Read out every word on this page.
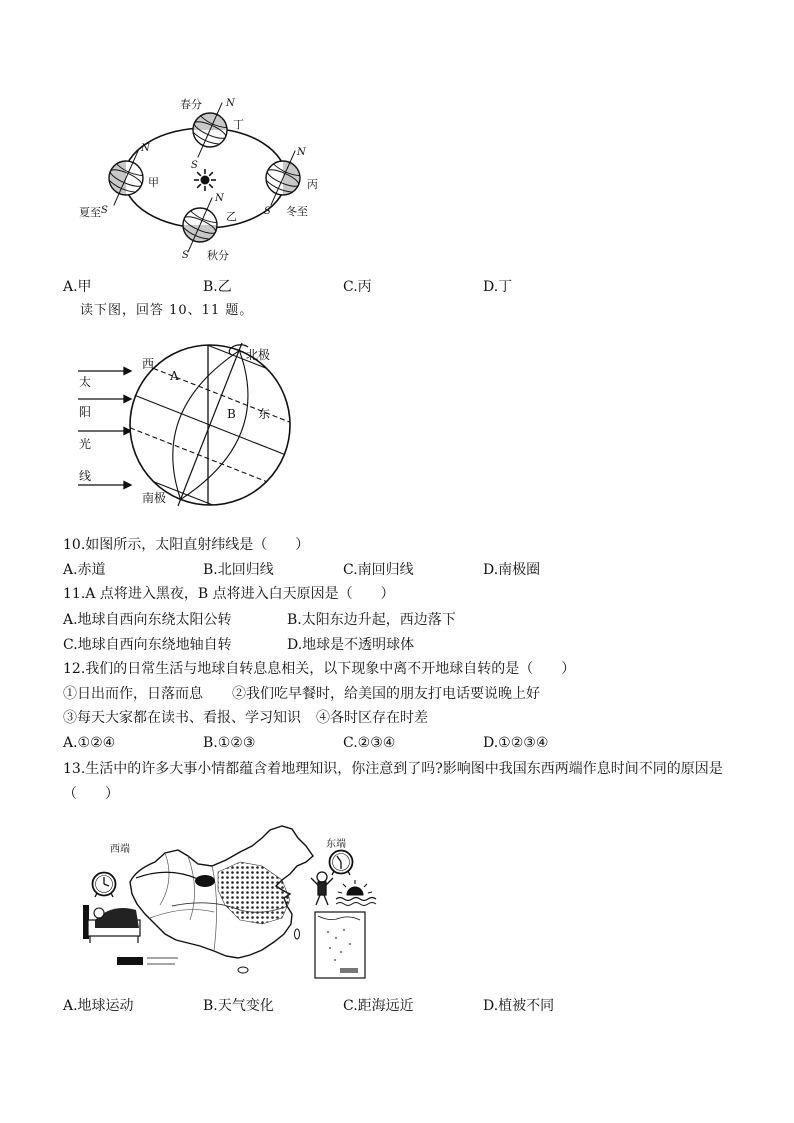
春分 N
丁
S
夏至
甲
N
S	冬至
丙
N
S
秋分
乙
N
S
A.甲	B.乙	C.丙	D.丁
读下图，回答 10、11 题。
太
阳
光
线
西
A
B 东
北极
南极
10.如图所示，太阳直射纬线是（　　）
A.赤道	B.北回归线	C.南回归线	D.南极圈
11.A 点将进入黑夜，B 点将进入白天原因是（　　）
A.地球自西向东绕太阳公转	B.太阳东边升起，西边落下
C.地球自西向东绕地轴自转	D.地球是不透明球体
12.我们的日常生活与地球自转息息相关，以下现象中离不开地球自转的是（　　）
①日出而作，日落而息 ②我们吃早餐时，给美国的朋友打电话要说晚上好
③每天大家都在读书、看报、学习知识 ④各时区存在时差
A.①②④	B.①②③	C.②③④	D.①②③④
13.生活中的许多大事小情都蕴含着地理知识，你注意到了吗?影响图中我国东西两端作息时间不同的原因是
（　　）
西端	东端
A.地球运动	B.天气变化	C.距海远近	D.植被不同
